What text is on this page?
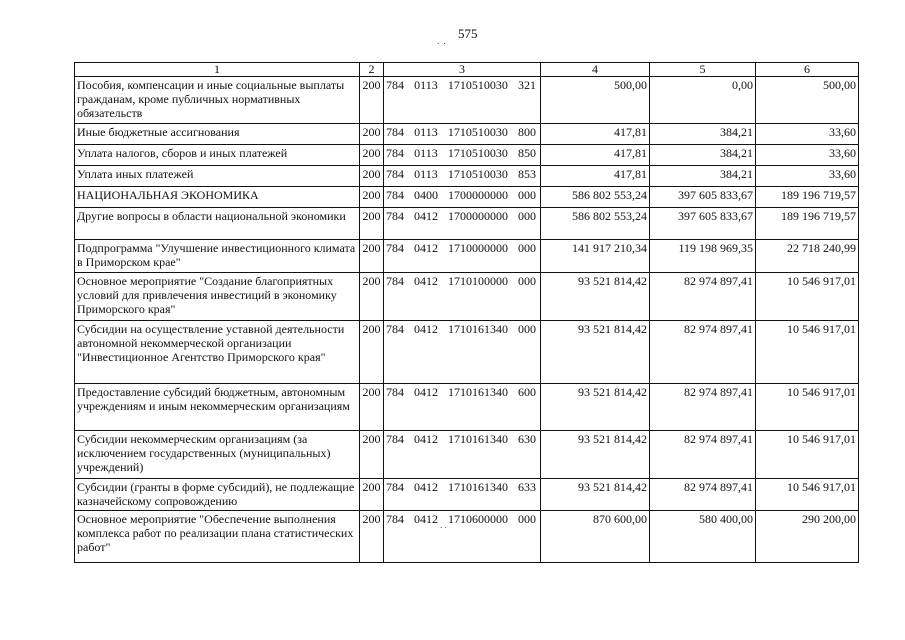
575
. .
. .
1	2	3	4	5	6
Пособия, компенсации и иные социальные выплаты гражданам, кроме публичных нормативных обязательств	200	784 0113 1710510030 321	500,00	0,00	500,00
Иные бюджетные ассигнования	200	784 0113 1710510030 800	417,81	384,21	33,60
Уплата налогов, сборов и иных платежей	200	784 0113 1710510030 850	417,81	384,21	33,60
Уплата иных платежей	200	784 0113 1710510030 853	417,81	384,21	33,60
НАЦИОНАЛЬНАЯ ЭКОНОМИКА	200	784 0400 1700000000 000	586 802 553,24	397 605 833,67	189 196 719,57
Другие вопросы в области национальной экономики	200	784 0412 1700000000 000	586 802 553,24	397 605 833,67	189 196 719,57
Подпрограмма "Улучшение инвестиционного климата в Приморском крае"	200	784 0412 1710000000 000	141 917 210,34	119 198 969,35	22 718 240,99
Основное мероприятие "Создание благоприятных условий для привлечения инвестиций в экономику Приморского края"	200	784 0412 1710100000 000	93 521 814,42	82 974 897,41	10 546 917,01
Субсидии на осуществление уставной деятельности автономной некоммерческой организации "Инвестиционное Агентство Приморского края"	200	784 0412 1710161340 000	93 521 814,42	82 974 897,41	10 546 917,01
Предоставление субсидий бюджетным, автономным учреждениям и иным некоммерческим организациям	200	784 0412 1710161340 600	93 521 814,42	82 974 897,41	10 546 917,01
Субсидии некоммерческим организациям (за исключением государственных (муниципальных) учреждений)	200	784 0412 1710161340 630	93 521 814,42	82 974 897,41	10 546 917,01
Субсидии (гранты в форме субсидий), не подлежащие казначейскому сопровождению	200	784 0412 1710161340 633	93 521 814,42	82 974 897,41	10 546 917,01
Основное мероприятие "Обеспечение выполнения комплекса работ по реализации плана статистических работ"	200	784 0412 1710600000 000	870 600,00	580 400,00	290 200,00
